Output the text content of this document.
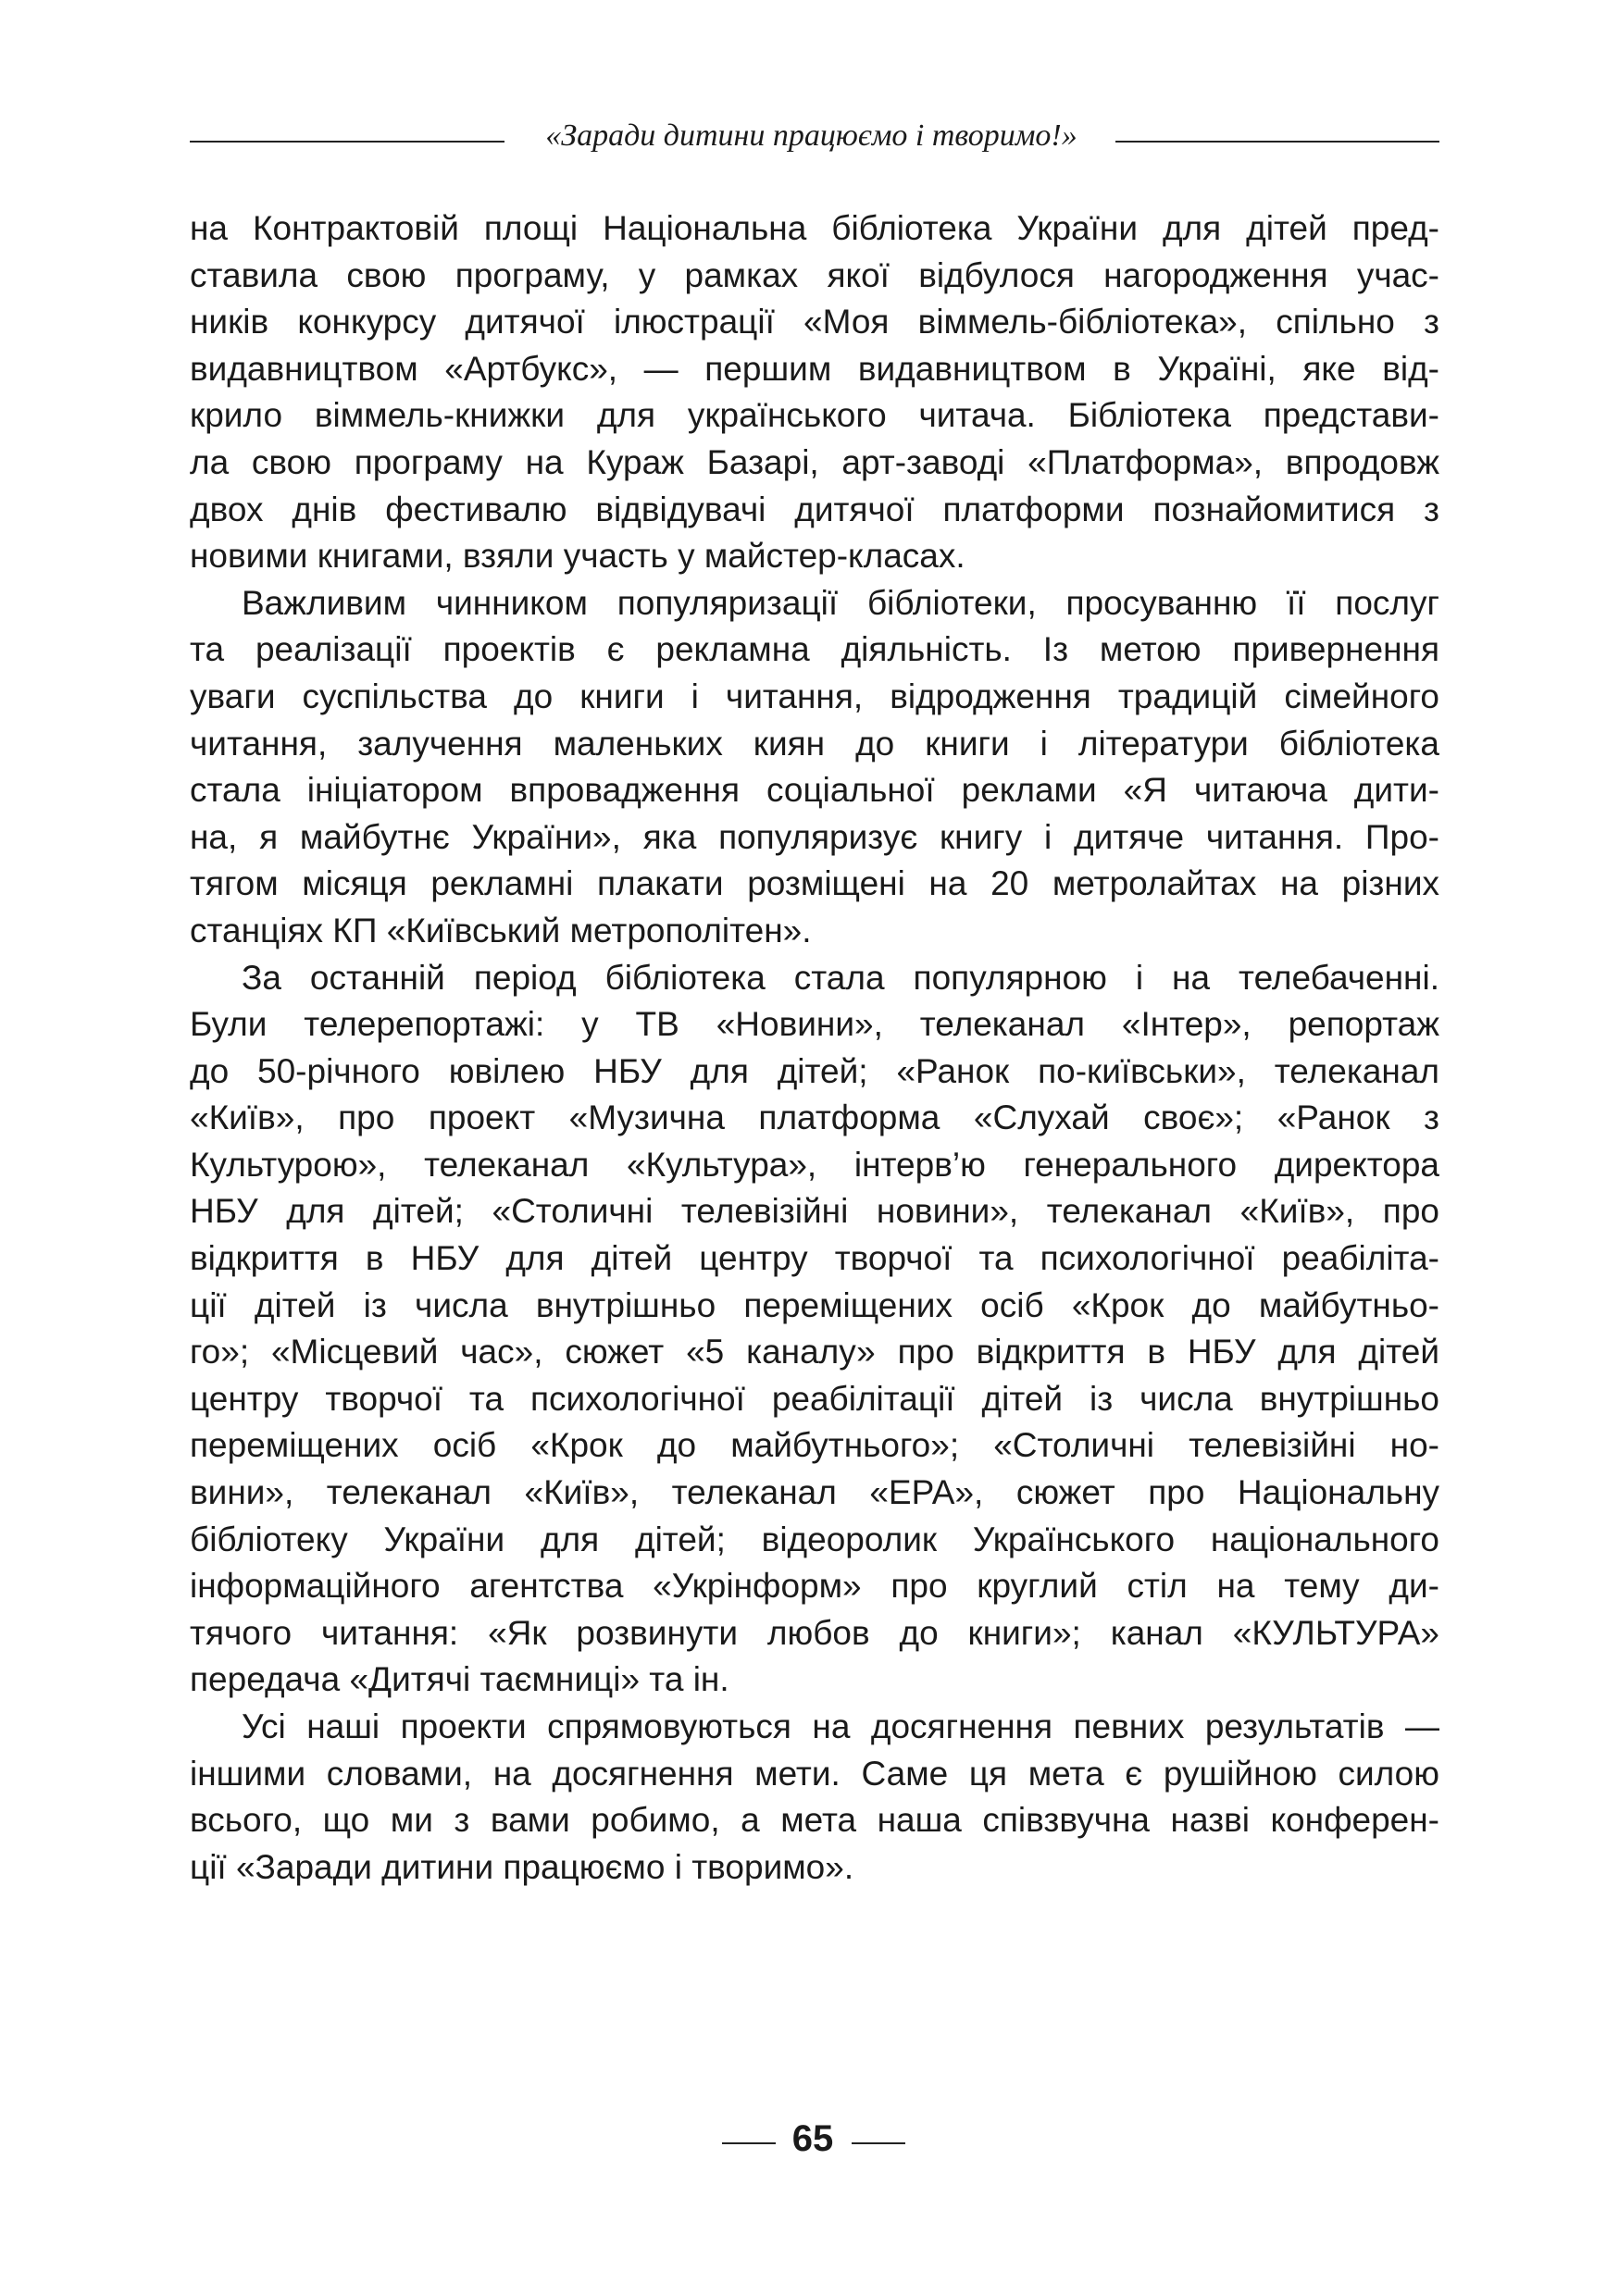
«Заради дитини працюємо і творимо!»
на Контрактовій площі Національна бібліотека України для дітей пред-
ставила свою програму, у рамках якої відбулося нагородження учас-
ників конкурсу дитячої ілюстрації «Моя віммель-бібліотека», спільно з
видавництвом «Артбукс», — першим видавництвом в Україні, яке від-
крило віммель-книжки для українського читача. Бібліотека представи-
ла свою програму на Кураж Базарі, арт-заводі «Платформа», впродовж
двох днів фестивалю відвідувачі дитячої платформи познайомитися з
новими книгами, взяли участь у майстер-класах.
Важливим чинником популяризації бібліотеки, просуванню її послуг
та реалізації проектів є рекламна діяльність. Із метою привернення
уваги суспільства до книги і читання, відродження традицій сімейного
читання, залучення маленьких киян до книги і літератури бібліотека
стала ініціатором впровадження соціальної реклами «Я читаюча дити-
на, я майбутнє України», яка популяризує книгу і дитяче читання. Про-
тягом місяця рекламні плакати розміщені на 20 метролайтах на різних
станціях КП «Київський метрополітен».
За останній період бібліотека стала популярною і на телебаченні.
Були телерепортажі: у ТВ «Новини», телеканал «Інтер», репортаж
до 50-річного ювілею НБУ для дітей; «Ранок по-київськи», телеканал
«Київ», про проект «Музична платформа «Слухай своє»; «Ранок з
Культурою», телеканал «Культура», інтерв’ю генерального директора
НБУ для дітей; «Столичні телевізійні новини», телеканал «Київ», про
відкриття в НБУ для дітей центру творчої та психологічної реабіліта-
ції дітей із числа внутрішньо переміщених осіб «Крок до майбутньо-
го»; «Місцевий час», сюжет «5 каналу» про відкриття в НБУ для дітей
центру творчої та психологічної реабілітації дітей із числа внутрішньо
переміщених осіб «Крок до майбутнього»; «Столичні телевізійні но-
вини», телеканал «Київ», телеканал «ЕРА», сюжет про Національну
бібліотеку України для дітей; відеоролик Українського національного
інформаційного агентства «Укрінформ» про круглий стіл на тему ди-
тячого читання: «Як розвинути любов до книги»; канал «КУЛЬТУРА»
передача «Дитячі таємниці» та ін.
Усі наші проекти спрямовуються на досягнення певних результатів —
іншими словами, на досягнення мети. Саме ця мета є рушійною силою
всього, що ми з вами робимо, а мета наша співзвучна назві конферен-
ції «Заради дитини працюємо і творимо».
65
